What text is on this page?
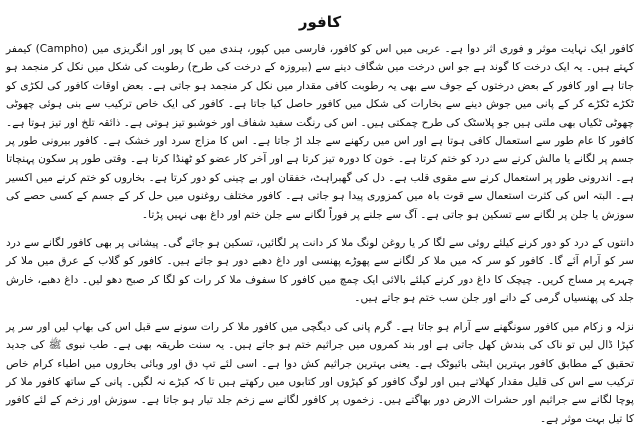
کافور

کافور ایک نہایت موثر و فوری اثر دوا ہے۔ عربی میں اس کو کافور، فارسی میں کپور، ہندی میں کا پور اور انگریزی میں (Campho) کیمفر کہتے ہیں۔ یہ ایک درخت کا گوند ہے جو اس درخت میں شگاف دینے سے (بیروزہ کے درخت کی طرح) رطوبت کی شکل میں نکل کر منجمد ہو جاتا ہے اور کافور کے بعض درختوں کے جوف سے بھی یہ رطوبت کافی مقدار میں نکل کر منجمد ہو جاتی ہے۔ بعض اوقات کافور کی لکڑی کو ٹکڑے ٹکڑے کر کے پانی میں جوش دینے سے بخارات کی شکل میں کافور حاصل کیا جاتا ہے۔ کافور کی ایک خاص ترکیب سے بنی ہوئی چھوٹی چھوٹی ٹکیاں بھی ملتی ہیں جو پلاسٹک کی طرح چمکتی ہیں۔ اس کی رنگت سفید شفاف اور خوشبو تیز ہوتی ہے۔ ذائقہ تلخ اور تیز ہوتا ہے۔ کافور کا عام طور سے استعمال کافی ہوتا ہے اور اس میں رکھنے سے جلد اڑ جاتا ہے۔ اس کا مزاج سرد اور خشک ہے۔ کافور بیرونی طور پر جسم پر لگانے یا مالش کرنے سے درد کو ختم کرتا ہے۔ خون کا دورہ تیز کرتا ہے اور آخر کار عضو کو ٹھنڈا کرتا ہے۔ وقتی طور پر سکون پہنچاتا ہے۔ اندرونی طور پر استعمال کرنے سے مقوی قلب ہے۔ دل کی گھبراہٹ، خفقان اور بے چینی کو دور کرتا ہے۔ بخاروں کو ختم کرنے میں اکسیر ہے۔ البتہ اس کی کثرت استعمال سے قوت باہ میں کمزوری پیدا ہو جاتی ہے۔ کافور مختلف روغنوں میں حل کر کے جسم کے کسی حصے کی سوزش یا جلن پر لگانے سے تسکین ہو جاتی ہے۔ آگ سے جلنے پر فوراً لگانے سے جلن ختم اور داغ بھی نہیں پڑتا۔

دانتوں کے درد کو دور کرنے کیلئے روئی سے لگا کر یا روغن لونگ ملا کر دانت پر لگائیں، تسکین ہو جائے گی۔ پیشانی پر بھی کافور لگانے سے درد سر کو آرام آئے گا۔ کافور کو سر کہ میں ملا کر لگانے سے پھوڑے پھنسی اور داغ دھبے دور ہو جاتے ہیں۔ کافور کو گلاب کے عرق میں ملا کر چہرے پر مساج کریں۔ چیچک کا داغ دور کرنے کیلئے بالائی ایک چمچ میں کافور کا سفوف ملا کر رات کو لگا کر صبح دھو لیں۔ داغ دھبے، خارش جلد کی پھنسیاں گرمی کے دانے اور جلن سب ختم ہو جاتے ہیں۔

نزلہ و زکام میں کافور سونگھنے سے آرام ہو جاتا ہے۔ گرم پانی کی دیگچی میں کافور ملا کر رات سونے سے قبل اس کی بھاپ لیں اور سر پر کپڑا ڈال لیں تو ناک کی بندش کھل جاتی ہے اور بند کمروں میں جراثیم ختم ہو جاتے ہیں۔ یہ سنت طریقہ بھی ہے۔ طب نبوی ﷺ کی جدید تحقیق کے مطابق کافور بہترین اینٹی بائیوٹک ہے۔ یعنی بہترین جراثیم کش دوا ہے۔ اسی لئے تپ دق اور وبائی بخاروں میں اطباء کرام خاص ترکیب سے اس کی قلیل مقدار کھلاتے ہیں اور لوگ کافور کو کپڑوں اور کتابوں میں رکھتے ہیں تا کہ کیڑے نہ لگیں۔ پانی کے ساتھ کافور ملا کر پوچا لگانے سے جراثیم اور حشرات الارض دور بھاگتے ہیں۔ زخموں پر کافور لگانے سے زخم جلد تیار ہو جاتا ہے۔ سوزش اور زخم کے لئے کافور کا تیل بہت موثر ہے۔
